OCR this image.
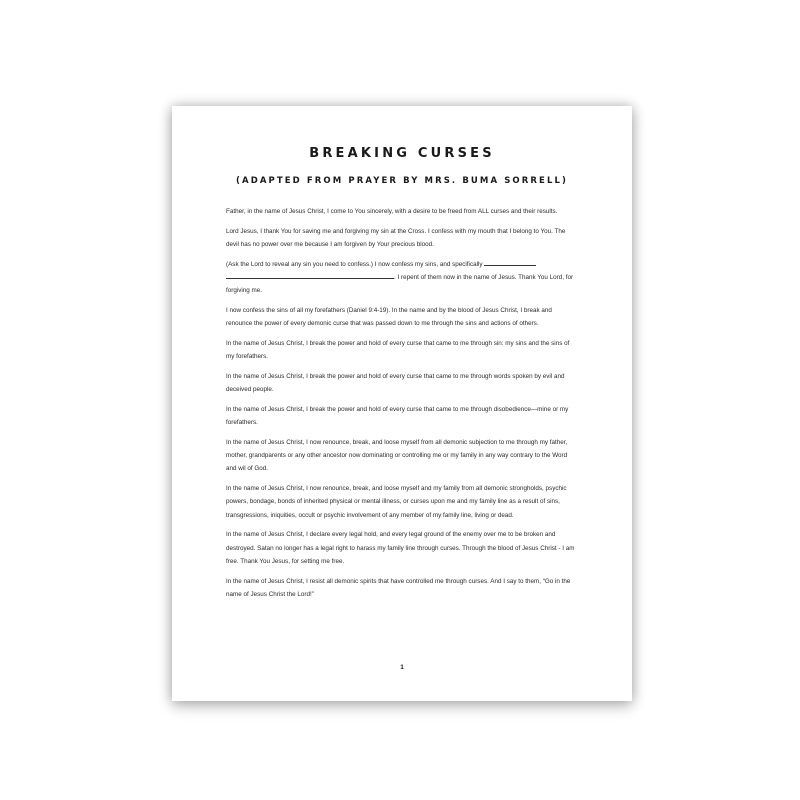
BREAKING CURSES
(ADAPTED FROM PRAYER BY MRS. BUMA SORRELL)

Father, in the name of Jesus Christ, I come to You sincerely, with a desire to be freed from ALL curses and their results.

Lord Jesus, I thank You for saving me and forgiving my sin at the Cross. I confess with my mouth that I belong to You. The devil has no power over me because I am forgiven by Your precious blood.

(Ask the Lord to reveal any sin you need to confess.) I now confess my sins, and specifically
. I repent of them now in the name of Jesus. Thank You Lord, for forgiving me.

I now confess the sins of all my forefathers (Daniel 9:4-19). In the name and by the blood of Jesus Christ, I break and renounce the power of every demonic curse that was passed down to me through the sins and actions of others.

In the name of Jesus Christ, I break the power and hold of every curse that came to me through sin: my sins and the sins of my forefathers.

In the name of Jesus Christ, I break the power and hold of every curse that came to me through words spoken by evil and deceived people.

In the name of Jesus Christ, I break the power and hold of every curse that came to me through disobedience—mine or my forefathers.

In the name of Jesus Christ, I now renounce, break, and loose myself from all demonic subjection to me through my father, mother, grandparents or any other ancestor now dominating or controlling me or my family in any way contrary to the Word and wil of God.

In the name of Jesus Christ, I now renounce, break, and loose myself and my family from all demonic strongholds, psychic powers, bondage, bonds of inherited physical or mental illness, or curses upon me and my family line as a result of sins, transgressions, iniquities, occult or psychic involvement of any member of my family line, living or dead.

In the name of Jesus Christ, I declare every legal hold, and every legal ground of the enemy over me to be broken and destroyed. Satan no longer has a legal right to harass my family line through curses. Through the blood of Jesus Christ - I am free. Thank You Jesus, for setting me free.

In the name of Jesus Christ, I resist all demonic spirits that have controlled me through curses. And I say to them, “Go in the name of Jesus Christ the Lord!”

1
